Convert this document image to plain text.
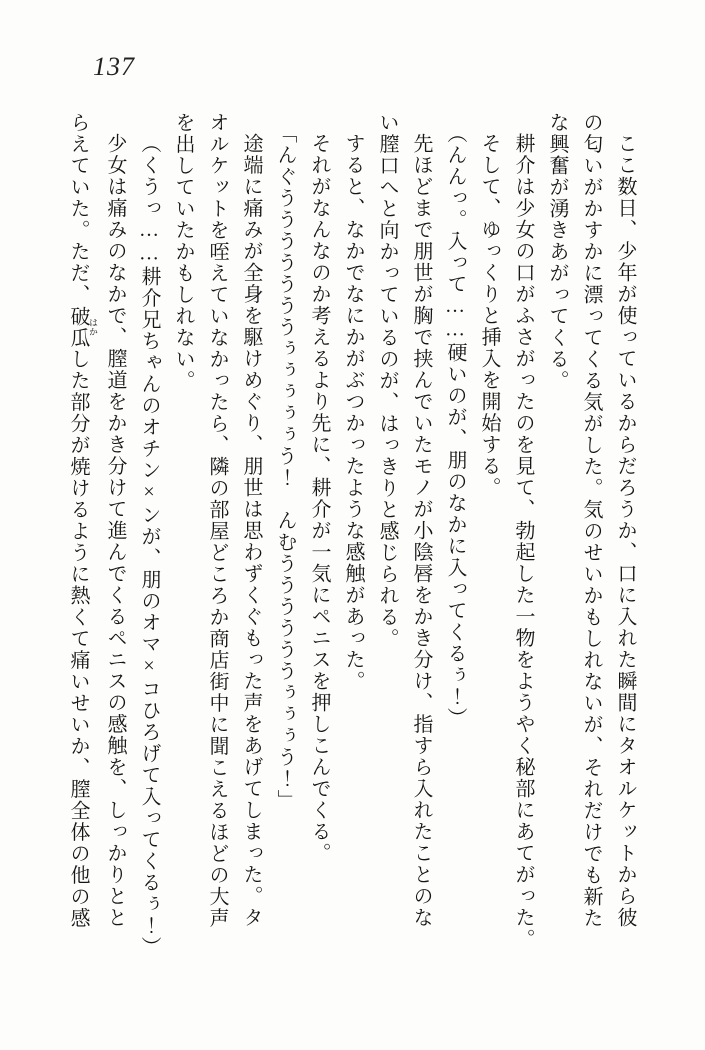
137
ここ数日、少年が使っているからだろうか、口に入れた瞬間にタオルケットから彼
の匂いがかすかに漂ってくる気がした。気のせいかもしれないが、それだけでも新た
な興奮が湧きあがってくる。
耕介は少女の口がふさがったのを見て、勃起した一物をようやく秘部にあてがった。
そして、ゆっくりと挿入を開始する。
（んんっ。入って……硬いのが、朋のなかに入ってくるぅ！）
先ほどまで朋世が胸で挟んでいたモノが小陰唇をかき分け、指すら入れたことのな
い膣口へと向かっているのが、はっきりと感じられる。
すると、なかでなにかがぶつかったような感触があった。
それがなんなのか考えるより先に、耕介が一気にペニスを押しこんでくる。
「んぐうううううううぅぅぅぅぅう！　んむううううううぅぅぅう！」
途端に痛みが全身を駆けめぐり、朋世は思わずくぐもった声をあげてしまった。タ
オルケットを咥えていなかったら、隣の部屋どころか商店街中に聞こえるほどの大声
を出していたかもしれない。
（くうっ……耕介兄ちゃんのオチン×ンが、朋のオマ×コひろげて入ってくるぅ！）
少女は痛みのなかで、膣道をかき分けて進んでくるペニスの感触を、しっかりとと
らえていた。ただ、破瓜 はかした部分が焼けるように熱くて痛いせいか、膣全体の他の感
